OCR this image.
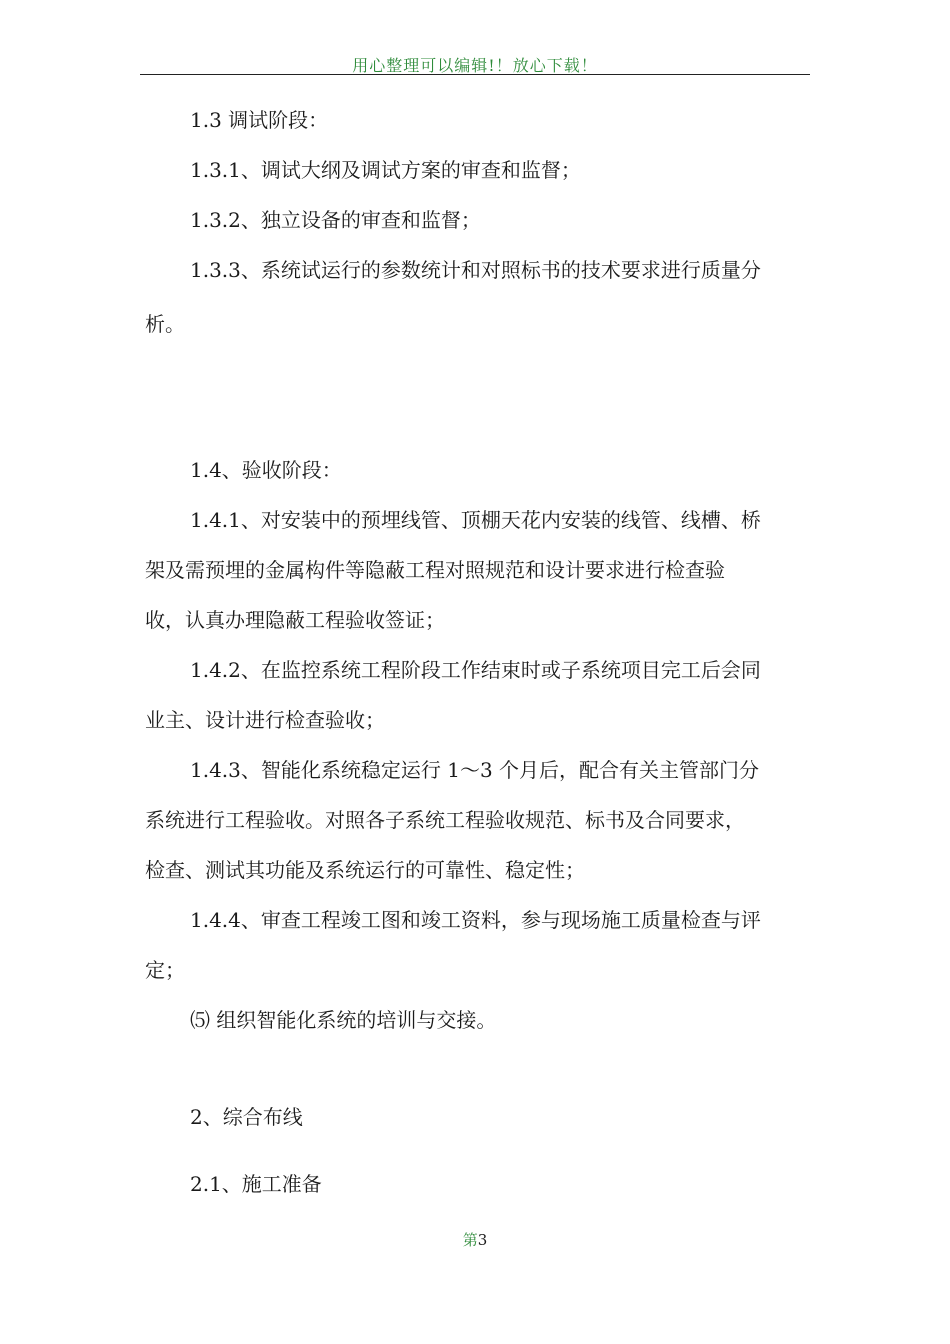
用心整理可以编辑!！放心下载！
1.3 调试阶段：
1.3.1、调试大纲及调试方案的审查和监督；
1.3.2、独立设备的审查和监督；
1.3.3、系统试运行的参数统计和对照标书的技术要求进行质量分
析。
1.4、验收阶段：
1.4.1、对安装中的预埋线管、顶棚天花内安装的线管、线槽、桥
架及需预埋的金属构件等隐蔽工程对照规范和设计要求进行检查验
收，认真办理隐蔽工程验收签证；
1.4.2、在监控系统工程阶段工作结束时或子系统项目完工后会同
业主、设计进行检查验收；
1.4.3、智能化系统稳定运行 1～3 个月后，配合有关主管部门分
系统进行工程验收。对照各子系统工程验收规范、标书及合同要求，
检查、测试其功能及系统运行的可靠性、稳定性；
1.4.4、审查工程竣工图和竣工资料，参与现场施工质量检查与评
定；
⑸ 组织智能化系统的培训与交接。
2、综合布线
2.1、施工准备
第3
